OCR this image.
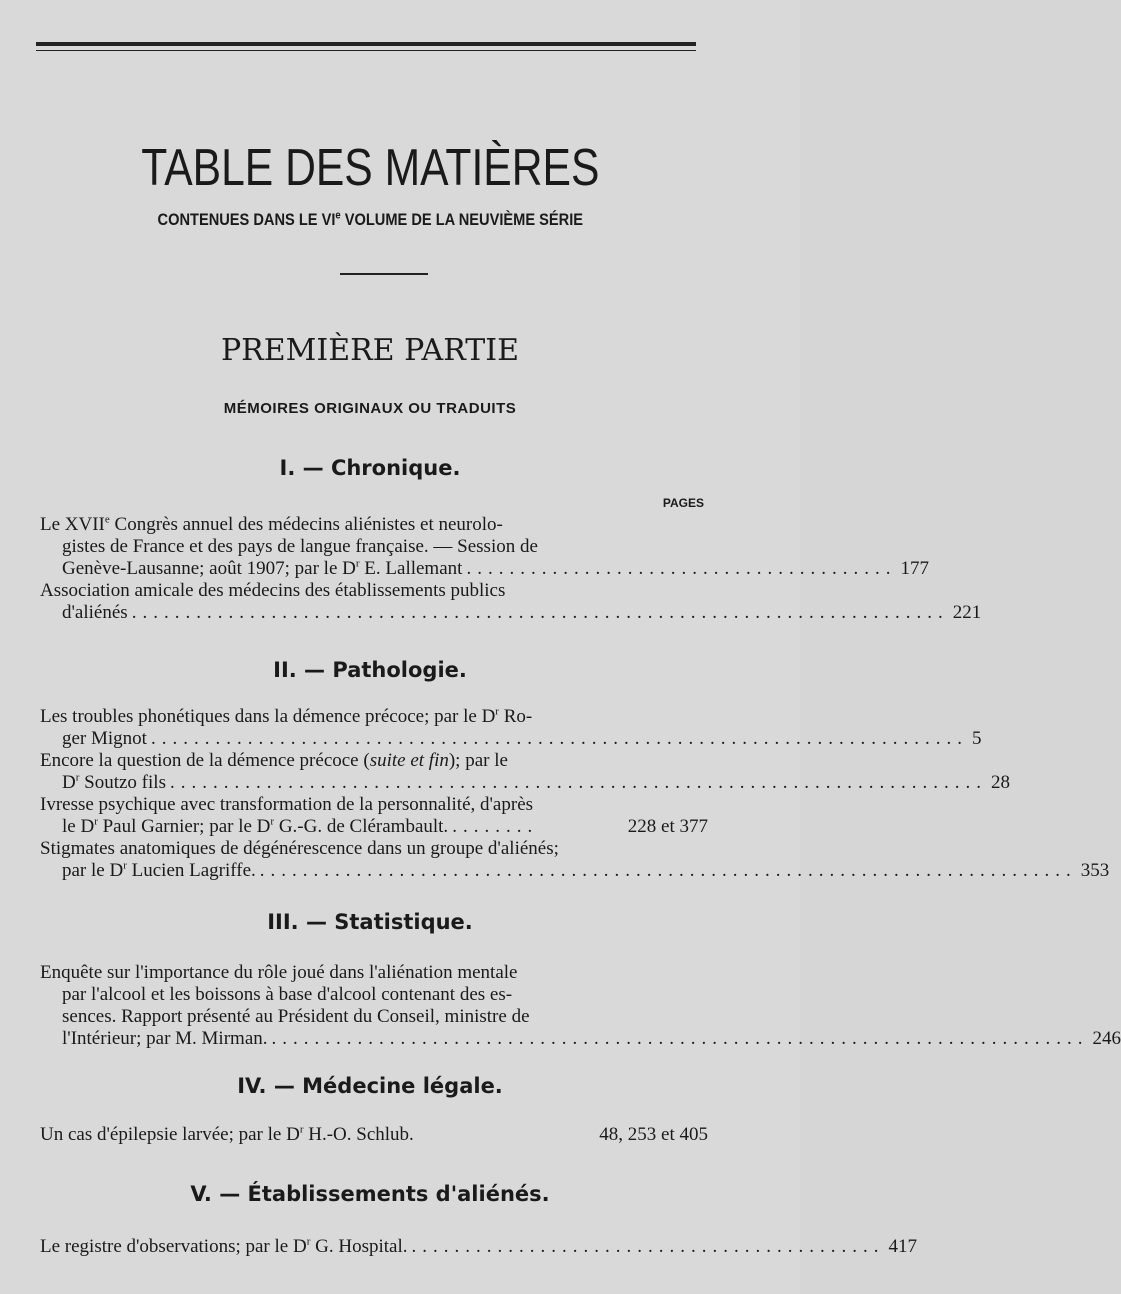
TABLE DES MATIÈRES
CONTENUES DANS LE VIe VOLUME DE LA NEUVIÈME SÉRIE
PREMIÈRE PARTIE
MÉMOIRES ORIGINAUX OU TRADUITS
I. — Chronique.
PAGES
Le XVIIe Congrès annuel des médecins aliénistes et neurolo-
gistes de France et des pays de langue française. — Session de
Genève-Lausanne; août 1907; par le $D^r$ E. Lallemant ........................................ 177
Association amicale des médecins des établissements publics
d'aliénés ............................................................................ 221
II. — Pathologie.
Les troubles phonétiques dans la démence précoce; par le $D^r$ Ro-
ger Mignot ............................................................................ 5
Encore la question de la démence précoce (suite et fin); par le
$D^r$ Soutzo fils ............................................................................ 28
Ivresse psychique avec transformation de la personnalité, d'après
le $D^r$ Paul Garnier; par le $D^r$ G.-G. de Clérambault. ........	228 et 377
Stigmates anatomiques de dégénérescence dans un groupe d'aliénés;
par le $D^r$ Lucien Lagriffe. ............................................................................ 353
III. — Statistique.
Enquête sur l'importance du rôle joué dans l'aliénation mentale
par l'alcool et les boissons à base d'alcool contenant des es-
sences. Rapport présenté au Président du Conseil, ministre de
l'Intérieur; par M. Mirman. ............................................................................ 246
IV. — Médecine légale.
Un cas d'épilepsie larvée; par le $D^r$ H.-O. Schlub.	48, 253 et 405
V. — Établissements d'aliénés.
Le registre d'observations; par le $D^r$ G. Hospital. ............................................ 417
